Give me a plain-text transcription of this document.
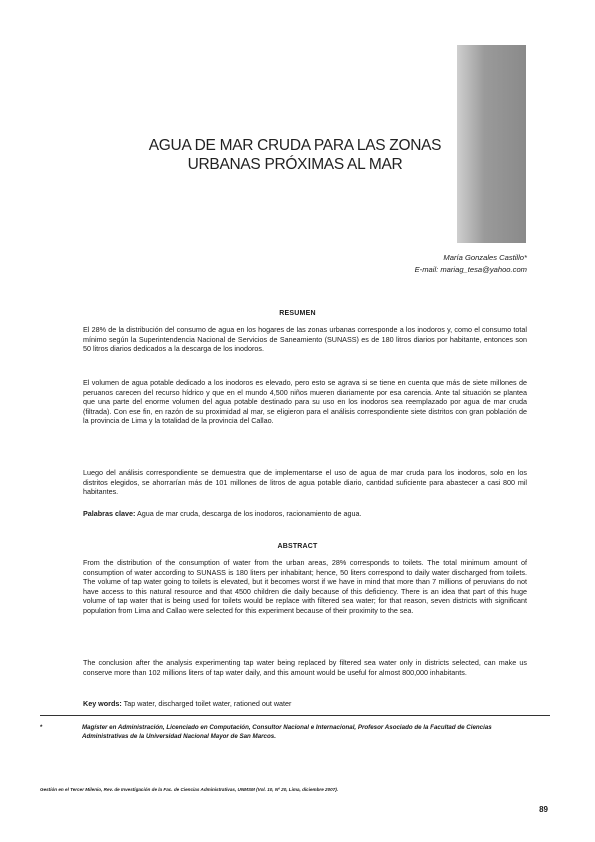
AGUA DE MAR CRUDA PARA LAS ZONAS
URBANAS PRÓXIMAS AL MAR
María Gonzales Castillo*
E-mail: mariag_tesa@yahoo.com
RESUMEN

El 28% de la distribución del consumo de agua en los hogares de las zonas urbanas corresponde a los inodoros y, como el consumo total mínimo según la Superintendencia Nacional de Servicios de Saneamiento (SUNASS) es de 180 litros diarios por habitante, entonces son 50 litros diarios dedicados a la descarga de los inodoros.

El volumen de agua potable dedicado a los inodoros es elevado, pero esto se agrava si se tiene en cuenta que más de siete millones de peruanos carecen del recurso hídrico y que en el mundo 4,500 niños mueren diariamente por esa carencia. Ante tal situación se plantea que una parte del enorme volumen del agua potable destinado para su uso en los inodoros sea reemplazado por agua de mar cruda (filtrada). Con ese fin, en razón de su proximidad al mar, se eligieron para el análisis correspondiente siete distritos con gran población de la provincia de Lima y la totalidad de la provincia del Callao.

Luego del análisis correspondiente se demuestra que de implementarse el uso de agua de mar cruda para los inodoros, solo en los distritos elegidos, se ahorrarían más de 101 millones de litros de agua potable diario, cantidad suficiente para abastecer a casi 800 mil habitantes.

Palabras clave: Agua de mar cruda, descarga de los inodoros, racionamiento de agua.

ABSTRACT

From the distribution of the consumption of water from the urban areas, 28% corresponds to toilets. The total minimum amount of consumption of water according to SUNASS is 180 liters per inhabitant; hence, 50 liters correspond to daily water discharged from toilets. The volume of tap water going to toilets is elevated, but it becomes worst if we have in mind that more than 7 millions of peruvians do not have access to this natural resource and that 4500 children die daily because of this deficiency. There is an idea that part of this huge volume of tap water that is being used for toilets would be replace with filtered sea water; for that reason, seven districts with significant population from Lima and Callao were selected for this experiment because of their proximity to the sea.

The conclusion after the analysis experimenting tap water being replaced by filtered sea water only in districts selected, can make us conserve more than 102 millions liters of tap water daily, and this amount would be useful for almost 800,000 inhabitants.

Key words: Tap water, discharged toilet water, rationed out water

*	Magíster en Administración, Licenciado en Computación, Consultor Nacional e Internacional, Profesor Asociado de la Facultad de Ciencias Administrativas de la Universidad Nacional Mayor de San Marcos.
Gestión en el Tercer Milenio, Rev. de Investigación de la Fac. de Ciencias Administrativas, UNMSM (Vol. 10, Nº 20, Lima, diciembre 2007).
89
